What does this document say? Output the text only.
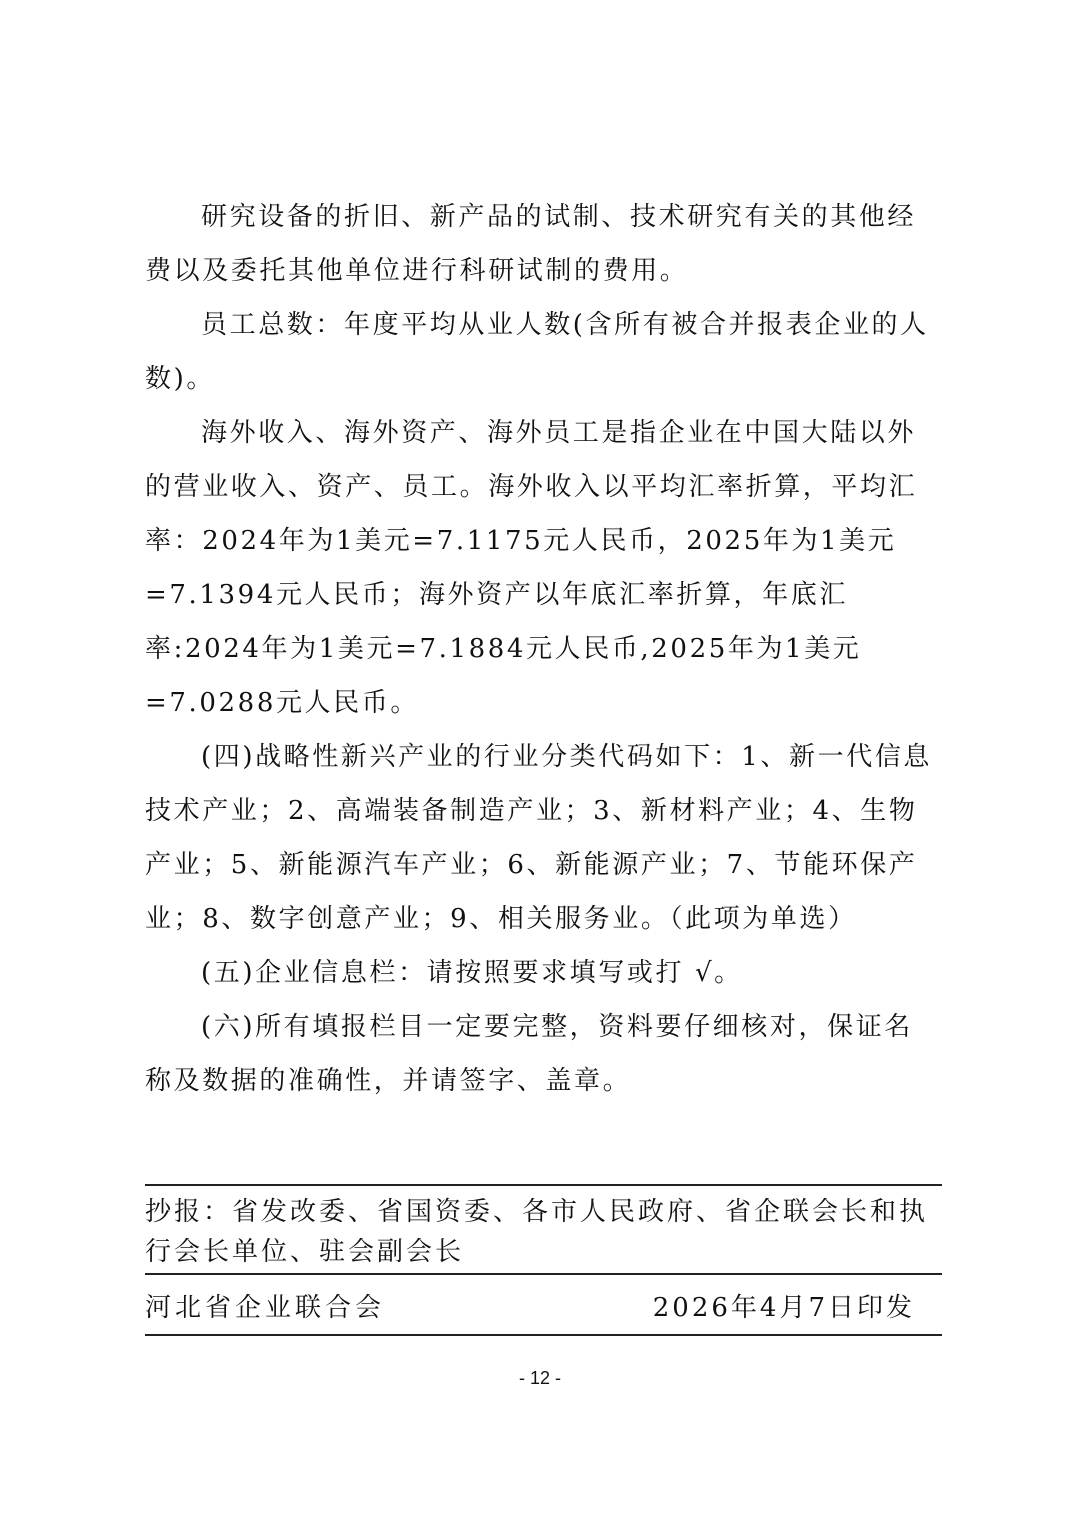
研究设备的折旧、新产品的试制、技术研究有关的其他经费以及委托其他单位进行科研试制的费用。

员工总数：年度平均从业人数(含所有被合并报表企业的人数)。

海外收入、海外资产、海外员工是指企业在中国大陆以外的营业收入、资产、员工。海外收入以平均汇率折算，平均汇率：2024年为1美元=7.1175元人民币，2025年为1美元=7.1394元人民币；海外资产以年底汇率折算，年底汇率:2024年为1美元=7.1884元人民币,2025年为1美元=7.0288元人民币。

(四)战略性新兴产业的行业分类代码如下：1、新一代信息技术产业；2、高端装备制造产业；3、新材料产业；4、生物产业；5、新能源汽车产业；6、新能源产业；7、节能环保产业；8、数字创意产业；9、相关服务业。（此项为单选）

(五)企业信息栏：请按照要求填写或打 √。

(六)所有填报栏目一定要完整，资料要仔细核对，保证名称及数据的准确性，并请签字、盖章。

抄报：省发改委、省国资委、各市人民政府、省企联会长和执行会长单位、驻会副会长

河北省企业联合会	2026年4月7日印发
- 12 -
